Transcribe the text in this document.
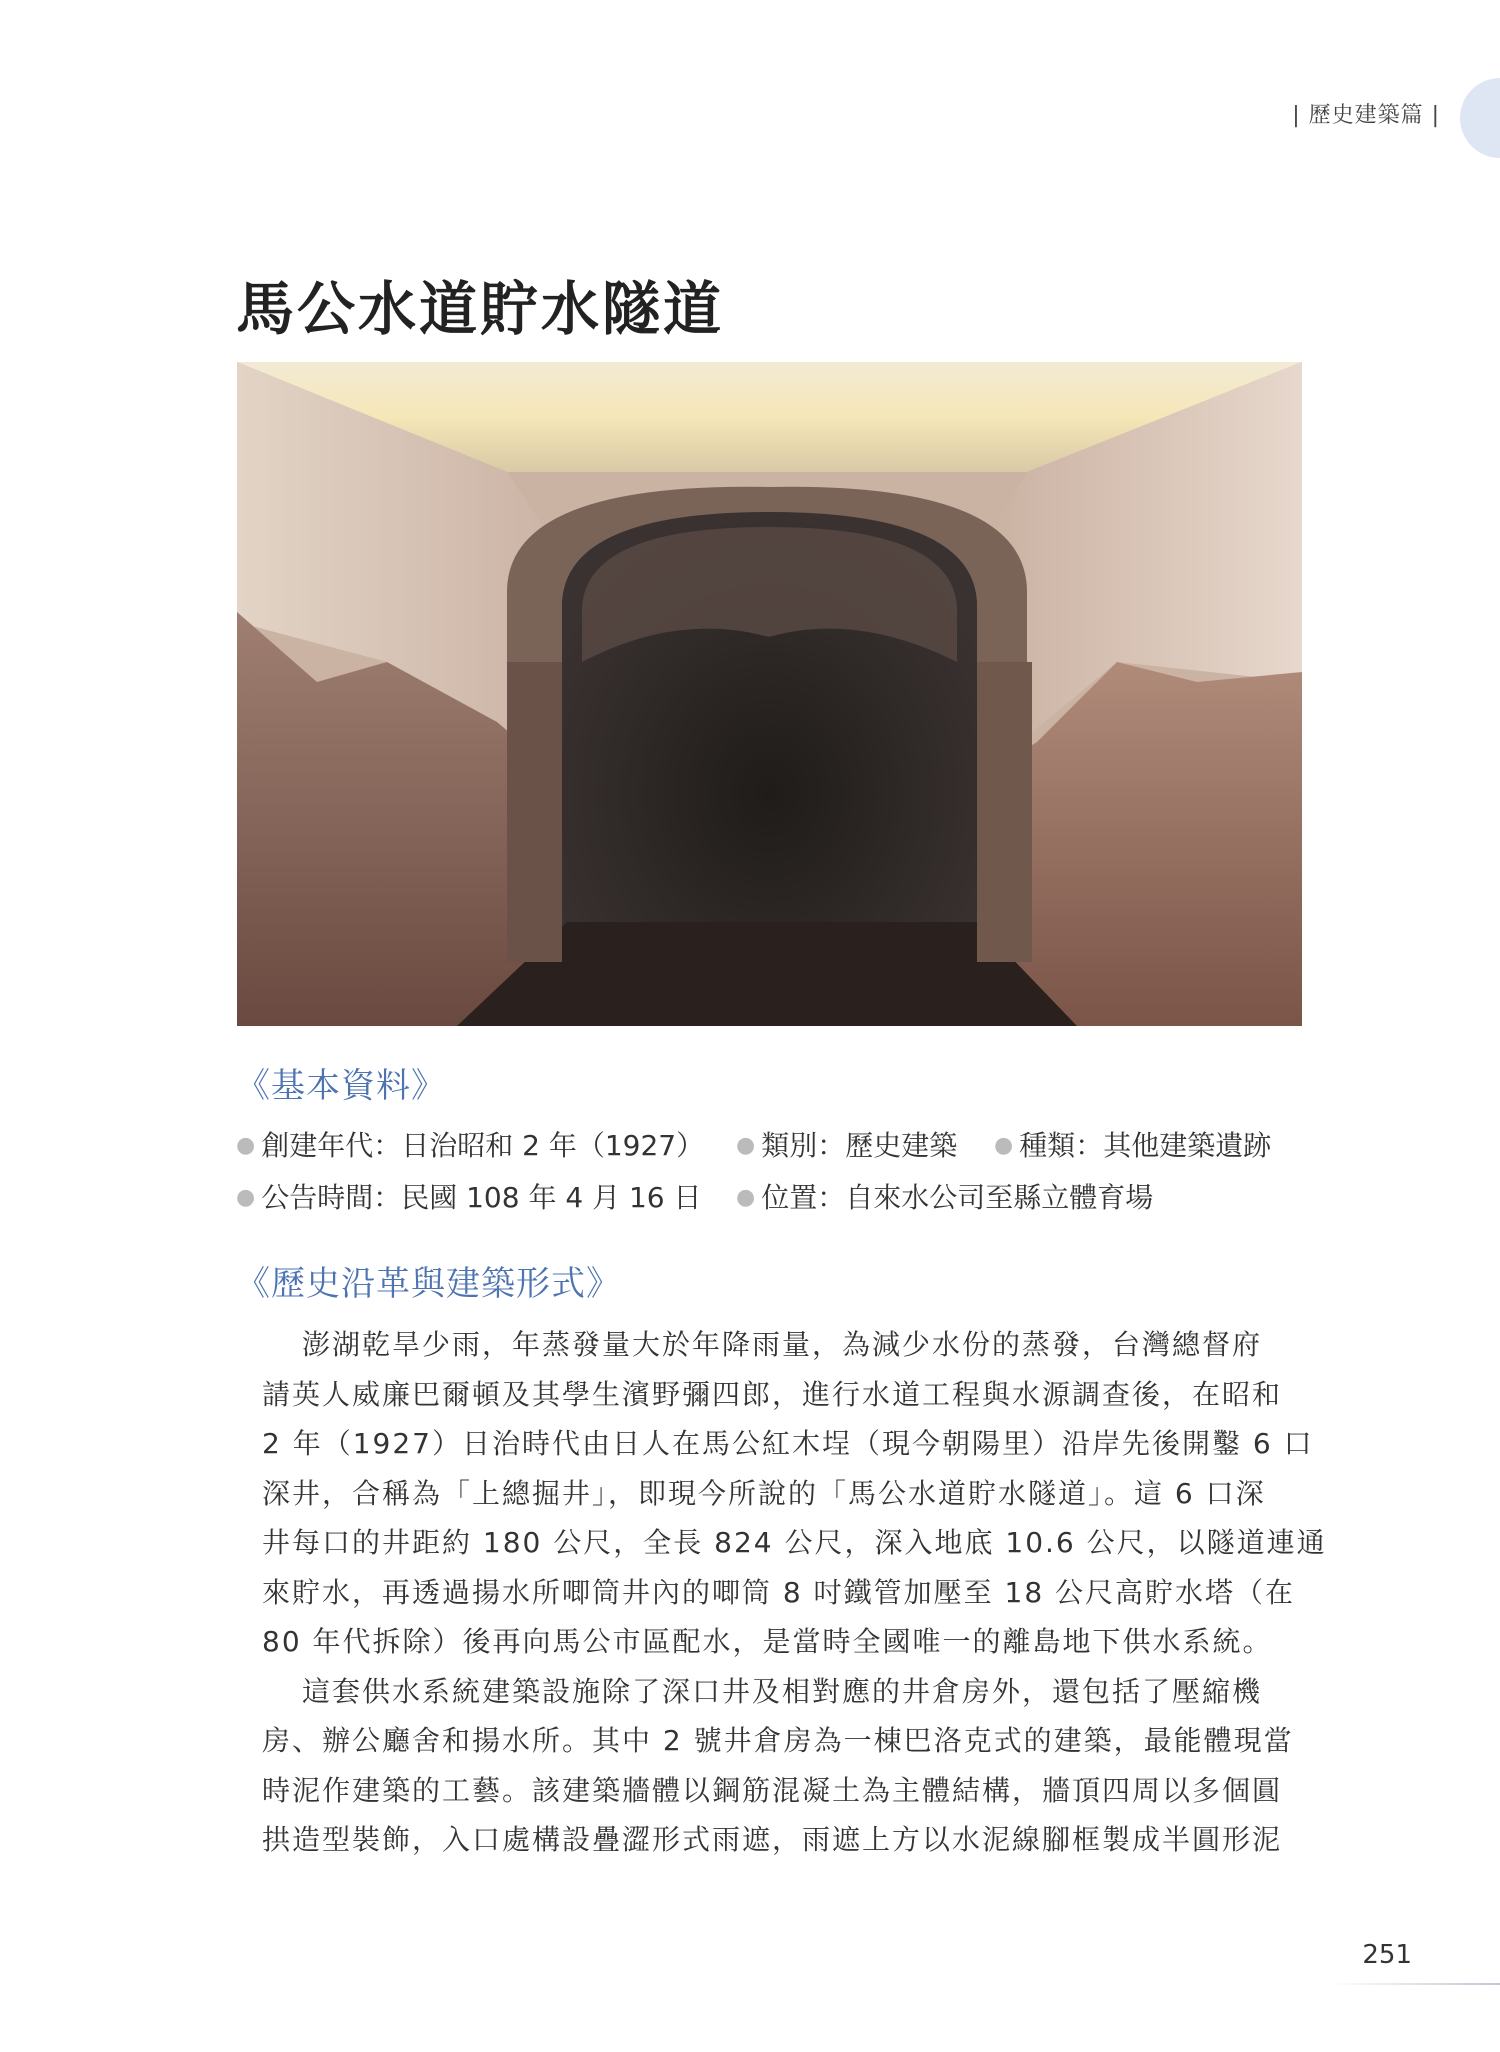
| 歷史建築篇 |
馬公水道貯水隧道
《基本資料》
● 創建年代：日治昭和 2 年（1927） ● 類別：歷史建築 ● 種類：其他建築遺跡
● 公告時間：民國 108 年 4 月 16 日 ● 位置：自來水公司至縣立體育場
《歷史沿革與建築形式》
澎湖乾旱少雨，年蒸發量大於年降雨量，為減少水份的蒸發，台灣總督府
請英人威廉巴爾頓及其學生濱野彌四郎，進行水道工程與水源調查後，在昭和
2 年（1927）日治時代由日人在馬公紅木埕（現今朝陽里）沿岸先後開鑿 6 口
深井，合稱為「上總掘井」，即現今所說的「馬公水道貯水隧道」。這 6 口深
井每口的井距約 180 公尺，全長 824 公尺，深入地底 10.6 公尺，以隧道連通
來貯水，再透過揚水所唧筒井內的唧筒 8 吋鐵管加壓至 18 公尺高貯水塔（在
80 年代拆除）後再向馬公市區配水，是當時全國唯一的離島地下供水系統。
這套供水系統建築設施除了深口井及相對應的井倉房外，還包括了壓縮機
房、辦公廳舍和揚水所。其中 2 號井倉房為一棟巴洛克式的建築，最能體現當
時泥作建築的工藝。該建築牆體以鋼筋混凝土為主體結構，牆頂四周以多個圓
拱造型裝飾，入口處構設疊澀形式雨遮，雨遮上方以水泥線腳框製成半圓形泥
251
